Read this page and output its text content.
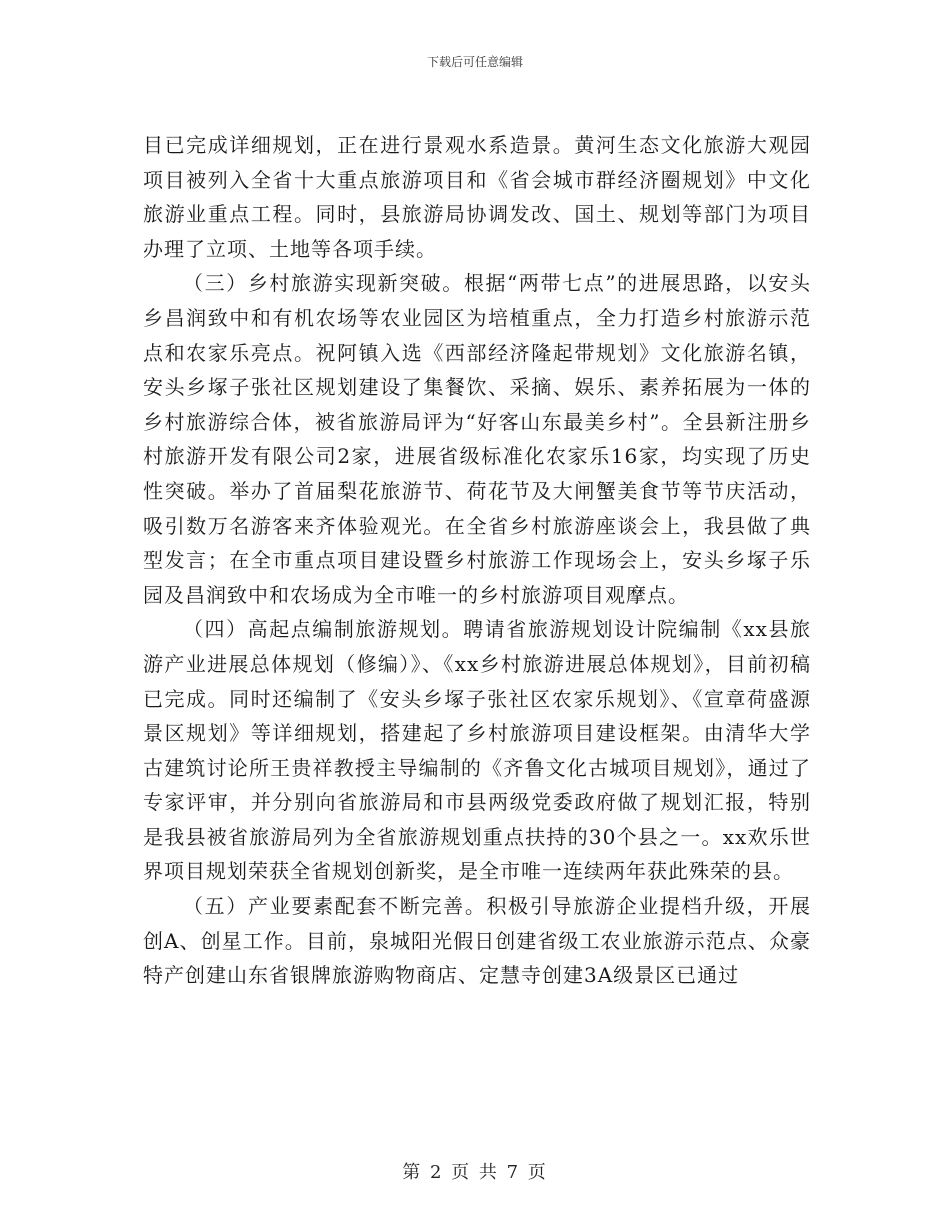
下载后可任意编辑

目已完成详细规划，正在进行景观水系造景。黄河生态文化旅游大观园项目被列入全省十大重点旅游项目和《省会城市群经济圈规划》中文化旅游业重点工程。同时，县旅游局协调发改、国土、规划等部门为项目办理了立项、土地等各项手续。

（三）乡村旅游实现新突破。根据“两带七点”的进展思路，以安头乡昌润致中和有机农场等农业园区为培植重点，全力打造乡村旅游示范点和农家乐亮点。祝阿镇入选《西部经济隆起带规划》文化旅游名镇，安头乡塚子张社区规划建设了集餐饮、采摘、娱乐、素养拓展为一体的乡村旅游综合体，被省旅游局评为“好客山东最美乡村”。全县新注册乡村旅游开发有限公司2家，进展省级标准化农家乐16家，均实现了历史性突破。举办了首届梨花旅游节、荷花节及大闸蟹美食节等节庆活动，吸引数万名游客来齐体验观光。在全省乡村旅游座谈会上，我县做了典型发言；在全市重点项目建设暨乡村旅游工作现场会上，安头乡塚子乐园及昌润致中和农场成为全市唯一的乡村旅游项目观摩点。

（四）高起点编制旅游规划。聘请省旅游规划设计院编制《xx县旅游产业进展总体规划（修编）》、《xx乡村旅游进展总体规划》，目前初稿已完成。同时还编制了《安头乡塚子张社区农家乐规划》、《宣章荷盛源景区规划》等详细规划，搭建起了乡村旅游项目建设框架。由清华大学古建筑讨论所王贵祥教授主导编制的《齐鲁文化古城项目规划》，通过了专家评审，并分别向省旅游局和市县两级党委政府做了规划汇报，特别是我县被省旅游局列为全省旅游规划重点扶持的30个县之一。xx欢乐世界项目规划荣获全省规划创新奖，是全市唯一连续两年获此殊荣的县。

（五）产业要素配套不断完善。积极引导旅游企业提档升级，开展创A、创星工作。目前，泉城阳光假日创建省级工农业旅游示范点、众豪特产创建山东省银牌旅游购物商店、定慧寺创建3A级景区已通过

第 2 页 共 7 页
